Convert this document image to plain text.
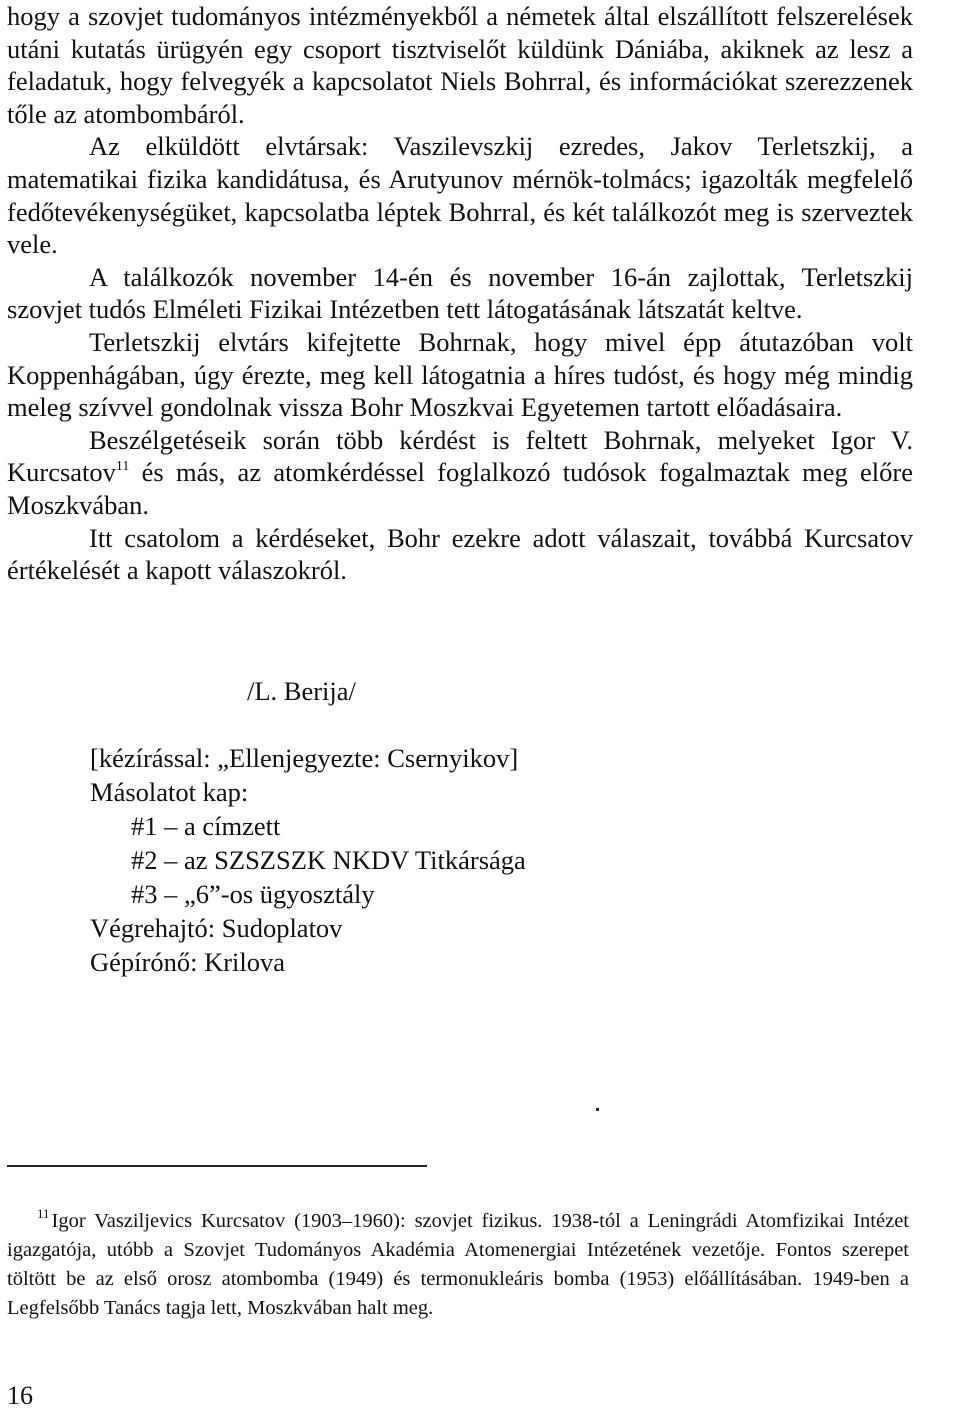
hogy a szovjet tudományos intézményekből a németek által elszállított felszerelések utáni kutatás ürügyén egy csoport tisztviselőt küldünk Dániába, akiknek az lesz a feladatuk, hogy felvegyék a kapcsolatot Niels Bohrral, és információkat szerezzenek tőle az atombombáról.

Az elküldött elvtársak: Vaszilevszkij ezredes, Jakov Terletszkij, a matematikai fizika kandidátusa, és Arutyunov mérnök-tolmács; igazolták megfelelő fedőtevékenységüket, kapcsolatba léptek Bohrral, és két találkozót meg is szerveztek vele.

A találkozók november 14-én és november 16-án zajlottak, Terletszkij szovjet tudós Elméleti Fizikai Intézetben tett látogatásának látszatát keltve.

Terletszkij elvtárs kifejtette Bohrnak, hogy mivel épp átutazóban volt Koppenhágában, úgy érezte, meg kell látogatnia a híres tudóst, és hogy még mindig meleg szívvel gondolnak vissza Bohr Moszkvai Egyetemen tartott előadásaira.

Beszélgetéseik során több kérdést is feltett Bohrnak, melyeket Igor V. Kurcsatov$^{11}$ és más, az atomkérdéssel foglalkozó tudósok fogalmaztak meg előre Moszkvában.

Itt csatolom a kérdéseket, Bohr ezekre adott válaszait, továbbá Kurcsatov értékelését a kapott válaszokról.

/L. Berija/

[kézírással: „Ellenjegyezte: Csernyikov]

Másolatot kap:

#1 – a címzett

#2 – az SZSZSZK NKDV Titkársága

#3 – „6”-os ügyosztály

Végrehajtó: Sudoplatov

Gépírónő: Krilova

$^{11}$Igor Vasziljevics Kurcsatov (1903–1960): szovjet fizikus. 1938-tól a Leningrádi Atomfizikai Intézet igazgatója, utóbb a Szovjet Tudományos Akadémia Atomenergiai Intézetének vezetője. Fontos szerepet töltött be az első orosz atombomba (1949) és termonukleáris bomba (1953) előállításában. 1949-ben a Legfelsőbb Tanács tagja lett, Moszkvában halt meg.

16
